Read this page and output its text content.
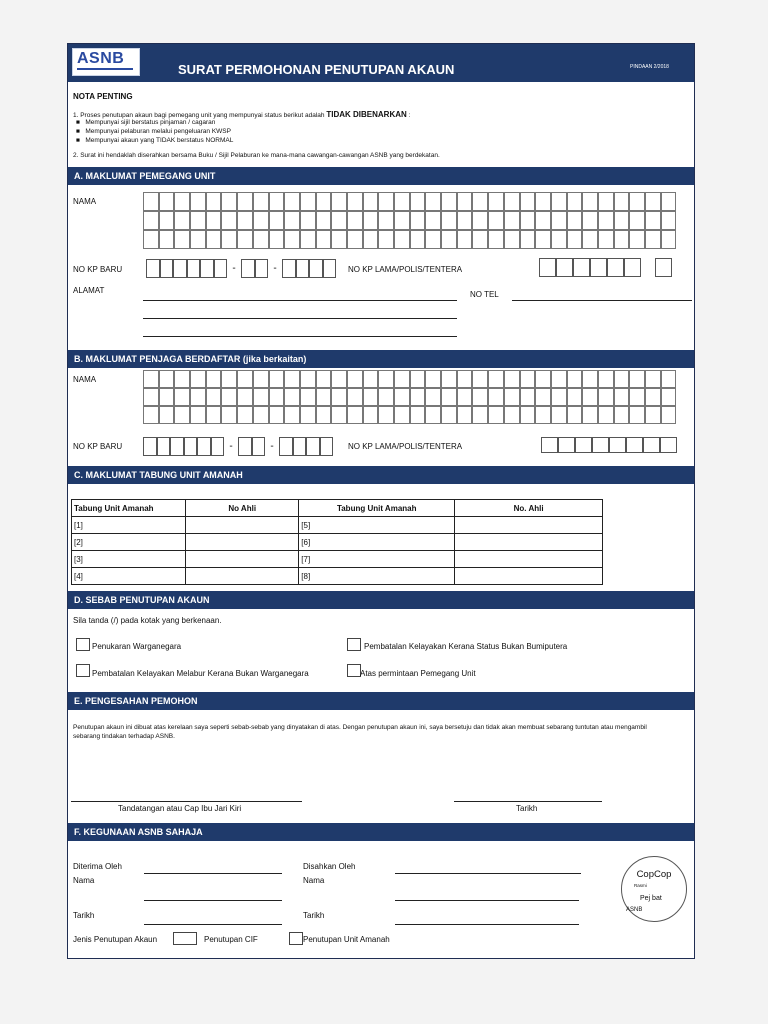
ASNB
SURAT PERMOHONAN PENUTUPAN AKAUN	PINDAAN 2/2018
NOTA PENTING
1. Proses penutupan akaun bagi pemegang unit yang mempunyai status berikut adalah TIDAK DIBENARKAN :
■   Mempunyai sijil berstatus pinjaman / cagaran
■   Mempunyai pelaburan melalui pengeluaran KWSP
■   Mempunyai akaun yang TIDAK berstatus NORMAL
2. Surat ini hendaklah diserahkan bersama Buku / Sijil Pelaburan ke mana-mana cawangan-cawangan ASNB yang berdekatan.
A. MAKLUMAT PEMEGANG UNIT
NAMA
NO KP BARU	-	-	NO KP LAMA/POLIS/TENTERA
ALAMAT	NO TEL
B. MAKLUMAT PENJAGA BERDAFTAR (jika berkaitan)
NAMA
NO KP BARU	-	-	NO KP LAMA/POLIS/TENTERA
C. MAKLUMAT TABUNG UNIT AMANAH
Tabung Unit Amanah	No Ahli	Tabung Unit Amanah	No. Ahli
[1]		[5]	
[2]		[6]	
[3]		[7]	
[4]		[8]	
D. SEBAB PENUTUPAN AKAUN
Sila tanda (/) pada kotak yang berkenaan.
Penukaran Warganegara	Pembatalan Kelayakan Kerana Status Bukan Bumiputera
Pembatalan Kelayakan Melabur Kerana Bukan Warganegara	Atas permintaan Pemegang Unit
E. PENGESAHAN PEMOHON
Penutupan akaun ini dibuat atas kerelaan saya seperti sebab-sebab yang dinyatakan di atas. Dengan penutupan akaun ini, saya bersetuju dan tidak akan membuat sebarang tuntutan atau mengambil sebarang tindakan terhadap ASNB.
Tandatangan atau Cap Ibu Jari Kiri	Tarikh
F. KEGUNAAN ASNB SAHAJA
Diterima Oleh
Nama
Tarikh
Disahkan Oleh
Nama
Tarikh
Jenis Penutupan Akaun	Penutupan CIF	Penutupan Unit Amanah
CopCop
Rasmi
Pej bat
ASNB
